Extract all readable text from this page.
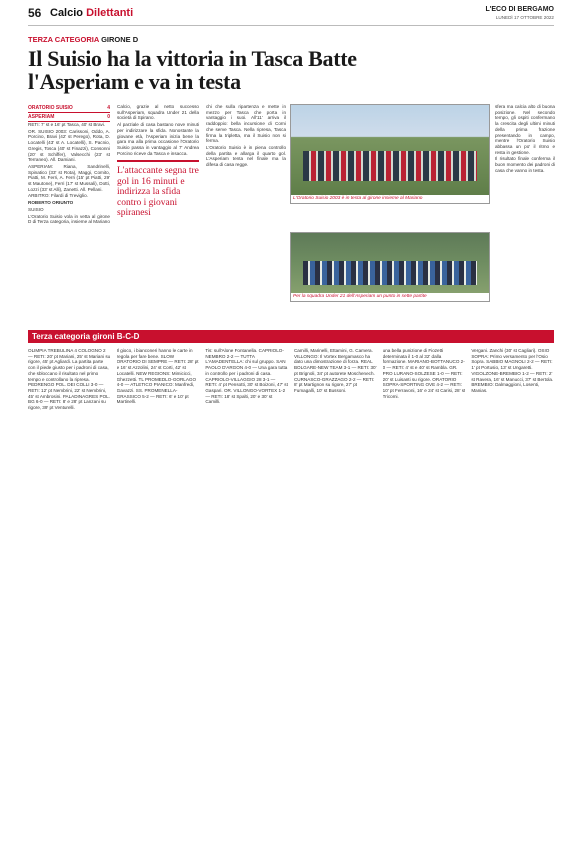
56 Calcio Dilettanti	L'ECO DI BERGAMO
LUNEDÌ 17 OTTOBRE 2022
TERZA CATEGORIA GIRONE D
Il Suisio ha la vittoria in Tasca Batte l'Asperiam e va in testa
ORATORIO SUISIO	4
ASPERIAM	0

RETI: 7' st e 16' pt Tasca, 40' st Bravi.

OR. SUISIO 2003: Carissoni, Oddo, A. Porcino, Bravi (42' st Perego), Rota, D. Locatelli (43' st A. Locatelli), S. Pacnio, Gregis, Tosca (40' st Finazzi), Consonni (20' st Schiffer), Valsecchi (23' st Terraneo). All. Damiani.

ASPERIAM: Riana, Sandrinelli, Spinatico (33' st Rota), Maggi, Comito, Piatti, M. Ferri, A. Ferri (15' pt Piatti, 29' st Mautone), Ferri (17' st Mussali), Dotti, Lozzi (33' st Alli), Zanetti. All. Pellani.

ARBITRO: Filardi di Treviglio.

ROBERTO ORIUNTO

SUISIO

L'Oratorio Suisio vola in vetta al girone D di Terza categoria, insieme al Mariano

Calcio, grazie al netto successo sull'Asperiam, squadra Under 21 della società di Spirano.

Al parziale di casa bastano nove minuti per indirizzare la sfida. Nonostante la giovane età, l'Asperiam inizia bene la gara ma alla prima occasione l'Oratorio Suisio passa in vantaggio al 7' Andrea Porcino riceve da Tasca e insacca.

L'attaccante segna tre gol in 16 minuti e indirizza la sfida contro i giovani spiranesi

chi che sulla ripartenza e mette in mezzo per Tasca che porta in vantaggio i suoi. All'11' arriva il raddoppio: bella incursione di Corni che serve Tasca. Nella ripresa, Tasca firma la tripletta, ma il Suisio non si ferma.

L'Oratorio Suisio è in piena controllo della partita e allarga il quarto gol. L'Asperiam tenta nel finale ma la difesa di casa regge.

L'Oratorio Suisio 2003 è in testa al girone insieme al Mariano
Per la squadra Under 21 dell'Asperiam un punto in sette partite

sfera ma calcia alto di buona posizione. Nel secondo tempo, gli ospiti confermano la crescita degli ultimi minuti della prima frazione presentando in campo, mentre l'Oratorio Suisio abbassa un po' il ritmo e resta in gestione.

Il risultato finale conferma il buon momento dei padroni di casa che vanno in testa.

Terza categoria gironi B-C-D
OLIMPIA TREBULINA 4 COLOGNO 2 — RETI: 20' pt Mariani, 25' st Mariani su rigore, 45' pt Agliardi. La partita parte con il piede giusto per i padroni di casa, che sbloccano il risultato nel primo tempo e controllano la ripresa. PEDRENGO POL. DEI COLLI 3-0 — RETI: 12' pt Nembrini, 22' st Nembrini, 45' st Ambrosini. PALADINAGRES POL. BG 6-0 — RETI: 8' e 28' pt Lanzani su rigore, 39' pt Venturelli.
Il gioco, i bianconeri hanno le carte in regola per fare bene. SLOW ORATORIO DI SEMPRE — RETI: 28' pt e 16' st Azzolini, 24' st Corti, 42' st Locatelli. NEW REGIONS: Mimicicci, Ghezzetti. TL PROMEDLO-GORLAGO 4-0 — ATLETICO PIANICO: Manfredi, Gavazzi. SS. PROMENELLA-GRASSICO 5-2 — RETI: 6' e 10' pt Martinelli.
Tis: sull'Alone Fontanella. CAPRIOLO-NEMBRO 2-2 — TUTTA L'AMADENTELLA: chi sul gruppo. SAN PAOLO D'ARGON 4-0 — Una gara tutta in controllo per i padroni di casa. CAPRIOLO-VILLAGGIO 28 3-1 — RETI: 4' pt Pensotti, 30' st Boizoni, 47' st Gaspari. OR. VILLONGO-VORTEX 1-2 — RETI: 18' st Spalti, 20' e 30' st Camilli.
Camilli, Marinelli, Ettamini, G. Camera. VILLONGO: Il Vortex Bergamasco ha dato una dimostrazione di forza. REAL BOLGARE-NEW TEAM 3-1 — RETI: 30' pt Brignoli, 34' pt autorete Moschenech. CURNASCO-GRAZZAGO 2-2 — RETI: 8' pt Martignon su rigore, 27' pt Fumagalli, 10' st Bussoni.
una bella punizione di Fiozetti determinata il 1-0 al 32' dalla formazione. MARIANO-BOTTANUCO 2-0 — RETI: 4' st e 40' st Rambla. GR. PRO LURANO-SOLZESE 1-0 — RETI: 20' st Luisanti su rigore. ORATORIO SOPRA-SPORTING OVE 4-2 — RETI: 10' pt Ferravoni, 16' e 24' st Carisi, 28' st Tricomi.
Vergani. Zanchi (30' st Cagliari). OSIO SOPRA: Primo versamento per l'Osio Sopra. SABBIO MAGNOLI 2-2 — RETI: 1' pt Portusio, 13' st Ungaretti. VIGOLZONE-BREMBIO 1-2 — RETI: 2' st Ravera, 16' st Manucci, 37' st Bertola. BREMBIO: Dalmaggioni, Losenti, Manias.
